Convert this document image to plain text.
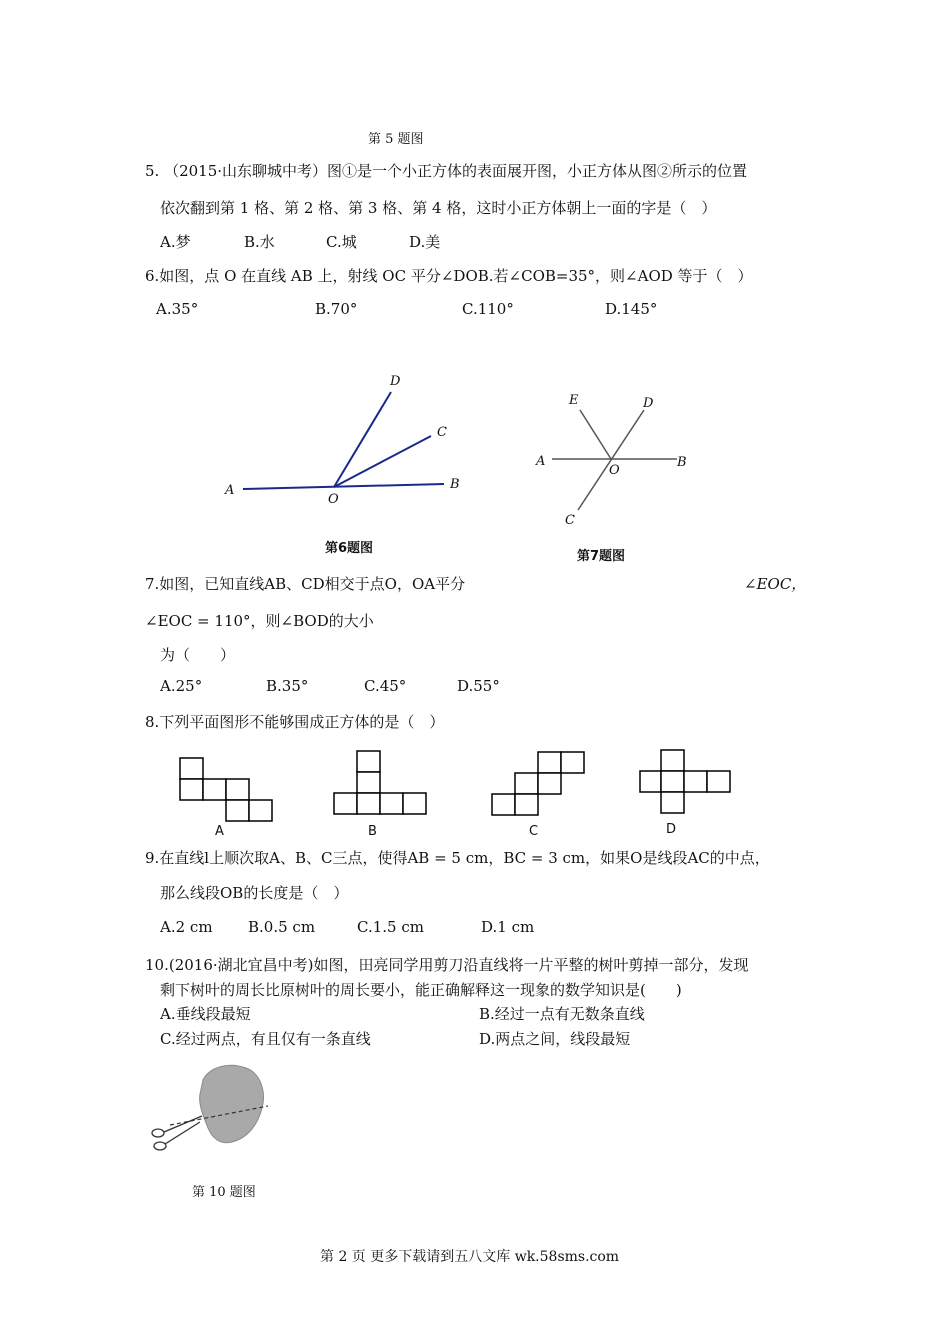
第 5 题图
5. （2015·山东聊城中考）图①是一个小正方体的表面展开图，小正方体从图②所示的位置
依次翻到第 1 格、第 2 格、第 3 格、第 4 格，这时小正方体朝上一面的字是（　）
A.梦	B.水	C.城	D.美
6.如图，点 O 在直线 AB 上，射线 OC 平分∠DOB.若∠COB=35°，则∠AOD 等于（　）
A.35°	B.70°	C.110°	D.145°
A
O
B
C
D
A	B
C
D
E
O
第6题图
第7题图
7.如图，已知直线AB、CD相交于点O，OA平分	∠EOC，
∠EOC = 110°，则∠BOD的大小
为（　　）
A.25°	B.35°	C.45°	D.55°
8.下列平面图形不能够围成正方体的是（　）
A	B	C	D
9.在直线l上顺次取A、B、C三点，使得AB = 5 cm，BC = 3 cm，如果O是线段AC的中点，
那么线段OB的长度是（　）
A.2 cm B.0.5 cm	C.1.5 cm	D.1 cm
10.(2016·湖北宜昌中考)如图，田亮同学用剪刀沿直线将一片平整的树叶剪掉一部分，发现
剩下树叶的周长比原树叶的周长要小，能正确解释这一现象的数学知识是(　　)
A.垂线段最短	B.经过一点有无数条直线
C.经过两点，有且仅有一条直线	D.两点之间，线段最短
第 10 题图
第 2 页 更多下载请到五八文库 wk.58sms.com
